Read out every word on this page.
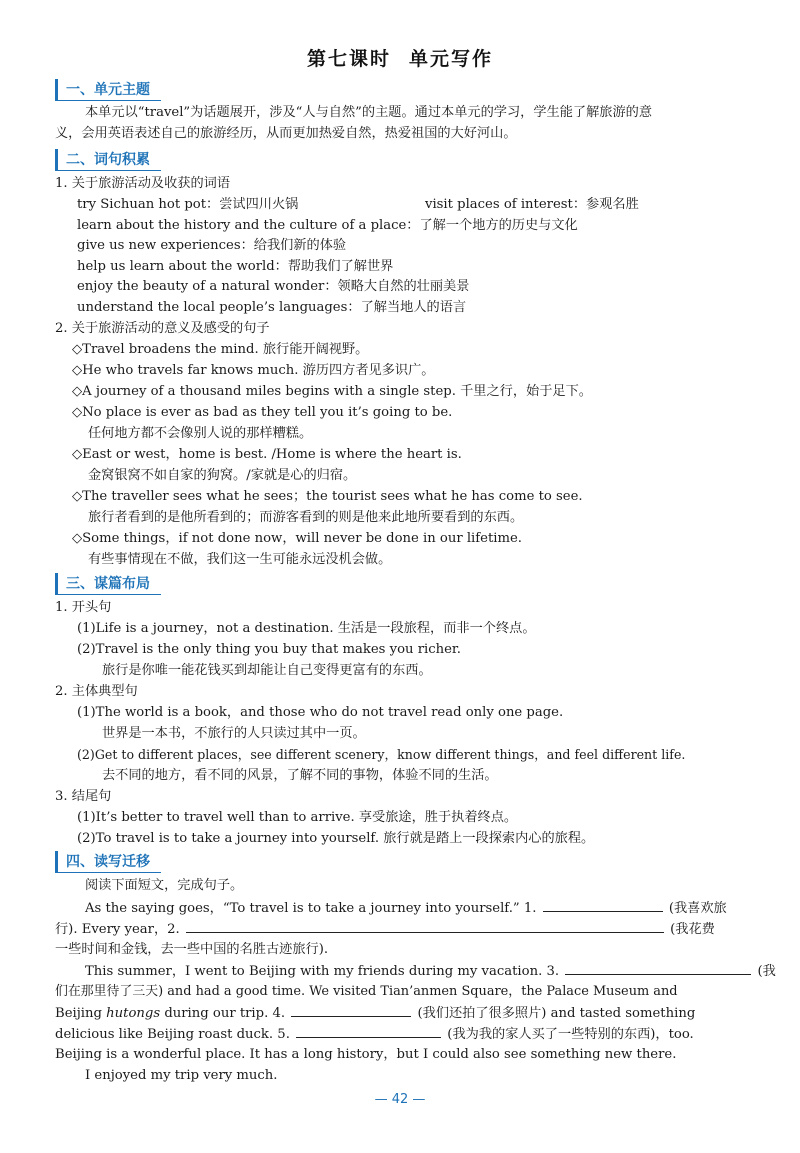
第七课时 单元写作
一、单元主题
本单元以“travel”为话题展开，涉及“人与自然”的主题。通过本单元的学习，学生能了解旅游的意
义，会用英语表述自己的旅游经历，从而更加热爱自然，热爱祖国的大好河山。
二、词句积累
1. 关于旅游活动及收获的词语
try Sichuan hot pot：尝试四川火锅	visit places of interest：参观名胜
learn about the history and the culture of a place：了解一个地方的历史与文化
give us new experiences：给我们新的体验
help us learn about the world：帮助我们了解世界
enjoy the beauty of a natural wonder：领略大自然的壮丽美景
understand the local people’s languages：了解当地人的语言
2. 关于旅游活动的意义及感受的句子
◇Travel broadens the mind. 旅行能开阔视野。
◇He who travels far knows much. 游历四方者见多识广。
◇A journey of a thousand miles begins with a single step. 千里之行，始于足下。
◇No place is ever as bad as they tell you it’s going to be.
任何地方都不会像别人说的那样糟糕。
◇East or west，home is best. /Home is where the heart is.
金窝银窝不如自家的狗窝。/家就是心的归宿。
◇The traveller sees what he sees；the tourist sees what he has come to see.
旅行者看到的是他所看到的；而游客看到的则是他来此地所要看到的东西。
◇Some things，if not done now，will never be done in our lifetime.
有些事情现在不做，我们这一生可能永远没机会做。
三、谋篇布局
1. 开头句
(1)Life is a journey，not a destination. 生活是一段旅程，而非一个终点。
(2)Travel is the only thing you buy that makes you richer.
旅行是你唯一能花钱买到却能让自己变得更富有的东西。
2. 主体典型句
(1)The world is a book，and those who do not travel read only one page.
世界是一本书，不旅行的人只读过其中一页。
(2)Get to different places，see different scenery，know different things，and feel different life.
去不同的地方，看不同的风景，了解不同的事物，体验不同的生活。
3. 结尾句
(1)It’s better to travel well than to arrive. 享受旅途，胜于执着终点。
(2)To travel is to take a journey into yourself. 旅行就是踏上一段探索内心的旅程。
四、读写迁移
阅读下面短文，完成句子。
As the saying goes，“To travel is to take a journey into yourself.” 1.	(我喜欢旅
行). Every year，2.	(我花费
一些时间和金钱，去一些中国的名胜古迹旅行).
This summer，I went to Beijing with my friends during my vacation. 3.	(我
们在那里待了三天) and had a good time. We visited Tian’anmen Square，the Palace Museum and
Beijing hutongs during our trip. 4.	(我们还拍了很多照片) and tasted something
delicious like Beijing roast duck. 5.	(我为我的家人买了一些特别的东西)，too.
Beijing is a wonderful place. It has a long history，but I could also see something new there.
I enjoyed my trip very much.
— 42 —
